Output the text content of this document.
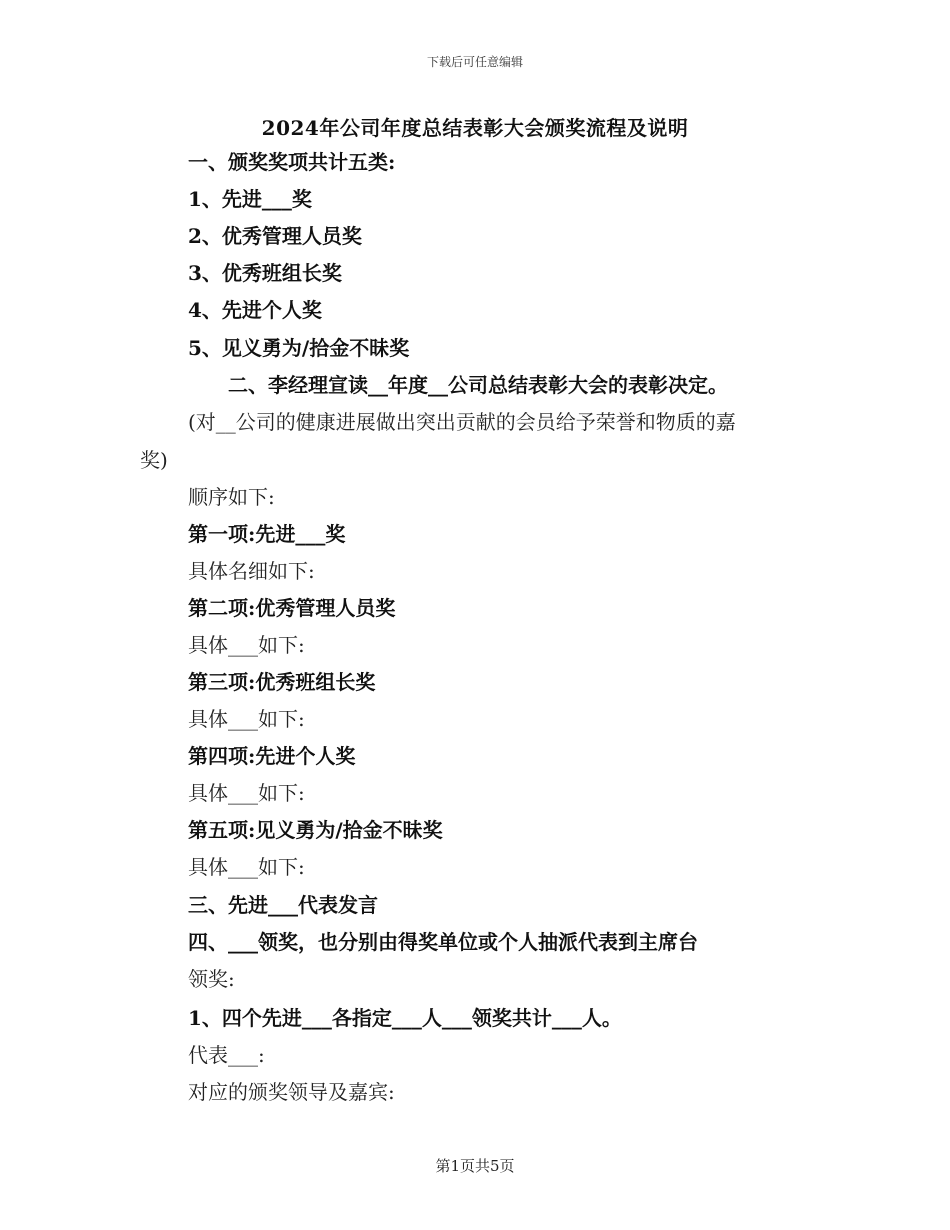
下载后可任意编辑
2024年公司年度总结表彰大会颁奖流程及说明
一、颁奖奖项共计五类:
1、先进___奖
2、优秀管理人员奖
3、优秀班组长奖
4、先进个人奖
5、见义勇为/拾金不昧奖
二、李经理宣读__年度__公司总结表彰大会的表彰决定。
(对__公司的健康进展做出突出贡献的会员给予荣誉和物质的嘉
奖)
顺序如下:
第一项:先进___奖
具体名细如下:
第二项:优秀管理人员奖
具体___如下:
第三项:优秀班组长奖
具体___如下:
第四项:先进个人奖
具体___如下:
第五项:见义勇为/拾金不昧奖
具体___如下:
三、先进___代表发言
四、___领奖，也分别由得奖单位或个人抽派代表到主席台
领奖:
1、四个先进___各指定___人___领奖共计___人。
代表___:
对应的颁奖领导及嘉宾:
第1页共5页
